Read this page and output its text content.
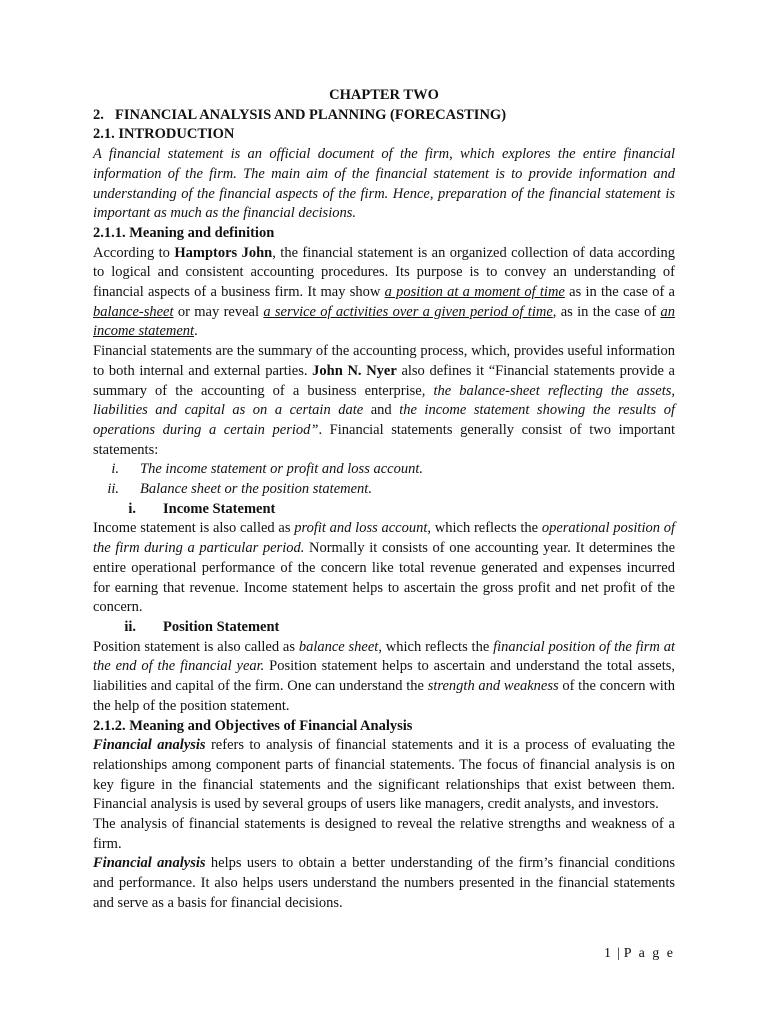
CHAPTER TWO

2. FINANCIAL ANALYSIS AND PLANNING (FORECASTING)

2.1. INTRODUCTION

A financial statement is an official document of the firm, which explores the entire financial information of the firm. The main aim of the financial statement is to provide information and understanding of the financial aspects of the firm. Hence, preparation of the financial statement is important as much as the financial decisions.

2.1.1. Meaning and definition

According to Hamptors John, the financial statement is an organized collection of data according to logical and consistent accounting procedures. Its purpose is to convey an understanding of financial aspects of a business firm. It may show a position at a moment of time as in the case of a balance-sheet or may reveal a service of activities over a given period of time, as in the case of an income statement.

Financial statements are the summary of the accounting process, which, provides useful information to both internal and external parties. John N. Nyer also defines it “Financial statements provide a summary of the accounting of a business enterprise, the balance-sheet reflecting the assets, liabilities and capital as on a certain date and the income statement showing the results of operations during a certain period”. Financial statements generally consist of two important statements:

i. The income statement or profit and loss account.
ii. Balance sheet or the position statement.

i. Income Statement

Income statement is also called as profit and loss account, which reflects the operational position of the firm during a particular period. Normally it consists of one accounting year. It determines the entire operational performance of the concern like total revenue generated and expenses incurred for earning that revenue. Income statement helps to ascertain the gross profit and net profit of the concern.

ii. Position Statement

Position statement is also called as balance sheet, which reflects the financial position of the firm at the end of the financial year. Position statement helps to ascertain and understand the total assets, liabilities and capital of the firm. One can understand the strength and weakness of the concern with the help of the position statement.

2.1.2. Meaning and Objectives of Financial Analysis

Financial analysis refers to analysis of financial statements and it is a process of evaluating the relationships among component parts of financial statements. The focus of financial analysis is on key figure in the financial statements and the significant relationships that exist between them. Financial analysis is used by several groups of users like managers, credit analysts, and investors.

The analysis of financial statements is designed to reveal the relative strengths and weakness of a firm.

Financial analysis helps users to obtain a better understanding of the firm’s financial conditions and performance. It also helps users understand the numbers presented in the financial statements and serve as a basis for financial decisions.

1 | P a g e
